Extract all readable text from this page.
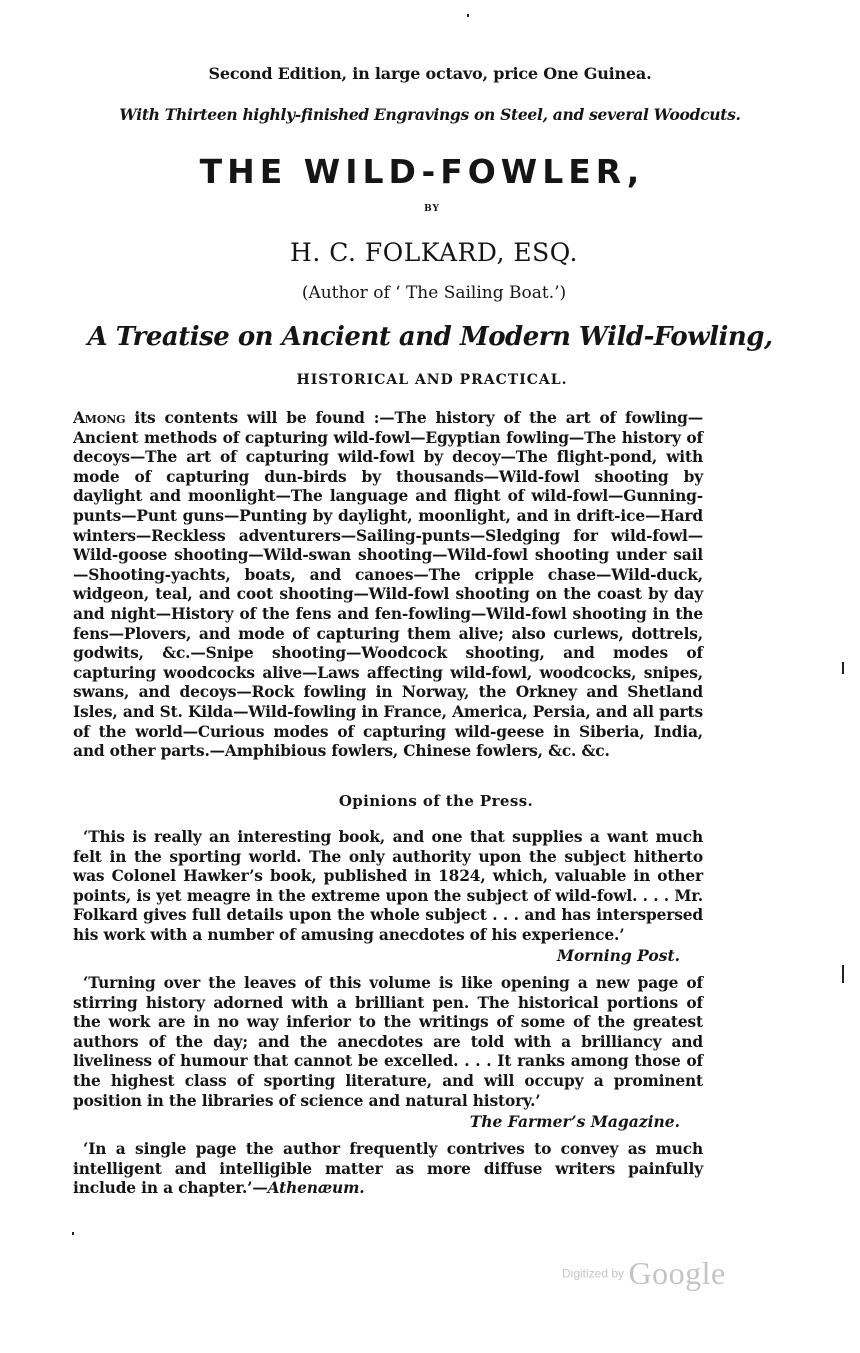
Second Edition, in large octavo, price One Guinea.
With Thirteen highly-finished Engravings on Steel, and several Woodcuts.
THE WILD-FOWLER,
BY
H. C. FOLKARD, ESQ.
(Author of ‘ The Sailing Boat.’)
A Treatise on Ancient and Modern Wild-Fowling,
HISTORICAL AND PRACTICAL.
Among its contents will be found :—The history of the art of fowling—Ancient methods of capturing wild-fowl—Egyptian fowling—The history of decoys—The art of capturing wild-fowl by decoy—The flight-pond, with mode of capturing dun-birds by thousands—Wild-fowl shooting by daylight and moonlight—The language and flight of wild-fowl—Gunning-punts—Punt guns—Punting by daylight, moonlight, and in drift-ice—Hard winters—Reckless adventurers—Sailing-punts—Sledging for wild-fowl—Wild-goose shooting—Wild-swan shooting—Wild-fowl shooting under sail—Shooting-yachts, boats, and canoes—The cripple chase—Wild-duck, widgeon, teal, and coot shooting—Wild-fowl shooting on the coast by day and night—History of the fens and fen-fowling—Wild-fowl shooting in the fens—Plovers, and mode of capturing them alive; also curlews, dottrels, godwits, &c.—Snipe shooting—Woodcock shooting, and modes of capturing woodcocks alive—Laws affecting wild-fowl, woodcocks, snipes, swans, and decoys—Rock fowling in Norway, the Orkney and Shetland Isles, and St. Kilda—Wild-fowling in France, America, Persia, and all parts of the world—Curious modes of capturing wild-geese in Siberia, India, and other parts.—Amphibious fowlers, Chinese fowlers, &c. &c.
Opinions of the Press.
‘This is really an interesting book, and one that supplies a want much felt in the sporting world. The only authority upon the subject hitherto was Colonel Hawker’s book, published in 1824, which, valuable in other points, is yet meagre in the extreme upon the subject of wild-fowl. . . . Mr. Folkard gives full details upon the whole subject . . . and has interspersed his work with a number of amusing anecdotes of his experience.’
Morning Post.
‘Turning over the leaves of this volume is like opening a new page of stirring history adorned with a brilliant pen. The historical portions of the work are in no way inferior to the writings of some of the greatest authors of the day; and the anecdotes are told with a brilliancy and liveliness of humour that cannot be excelled. . . . It ranks among those of the highest class of sporting literature, and will occupy a prominent position in the libraries of science and natural history.’
The Farmer’s Magazine.
‘In a single page the author frequently contrives to convey as much intelligent and intelligible matter as more diffuse writers painfully include in a chapter.’—Athenæum.
Digitized by Google
